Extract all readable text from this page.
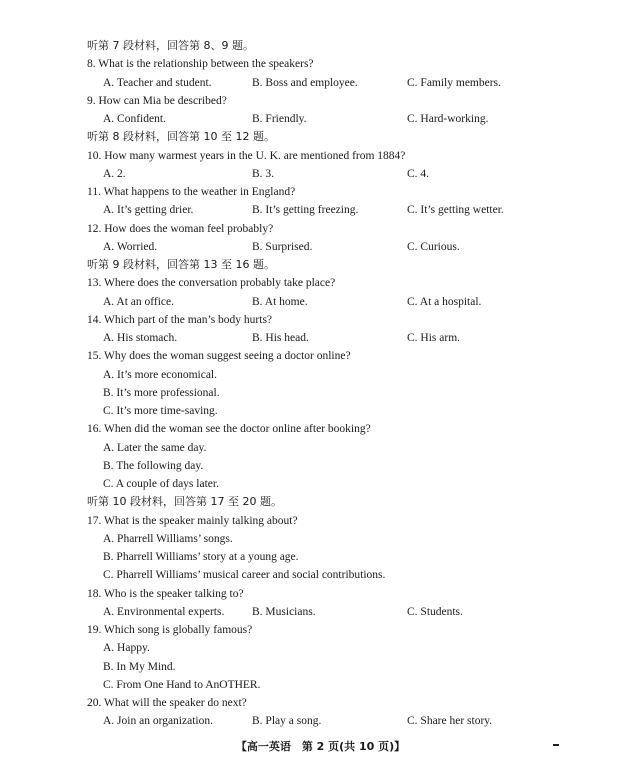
听第 7 段材料，回答第 8、9 题。
8. What is the relationship between the speakers?
A. Teacher and student.	B. Boss and employee.	C. Family members.
9. How can Mia be described?
A. Confident.	B. Friendly.	C. Hard-working.
听第 8 段材料，回答第 10 至 12 题。
10. How many warmest years in the U. K. are mentioned from 1884?
A. 2.	B. 3.	C. 4.
11. What happens to the weather in England?
A. It’s getting drier.	B. It’s getting freezing.	C. It’s getting wetter.
12. How does the woman feel probably?
A. Worried.	B. Surprised.	C. Curious.
听第 9 段材料，回答第 13 至 16 题。
13. Where does the conversation probably take place?
A. At an office.	B. At home.	C. At a hospital.
14. Which part of the man’s body hurts?
A. His stomach.	B. His head.	C. His arm.
15. Why does the woman suggest seeing a doctor online?
A. It’s more economical.
B. It’s more professional.
C. It’s more time-saving.
16. When did the woman see the doctor online after booking?
A. Later the same day.
B. The following day.
C. A couple of days later.
听第 10 段材料，回答第 17 至 20 题。
17. What is the speaker mainly talking about?
A. Pharrell Williams’ songs.
B. Pharrell Williams’ story at a young age.
C. Pharrell Williams’ musical career and social contributions.
18. Who is the speaker talking to?
A. Environmental experts. B. Musicians.	C. Students.
19. Which song is globally famous?
A. Happy.
B. In My Mind.
C. From One Hand to AnOTHER.
20. What will the speaker do next?
A. Join an organization.	B. Play a song.	C. Share her story.
【高一英语　第 2 页(共 10 页)】
